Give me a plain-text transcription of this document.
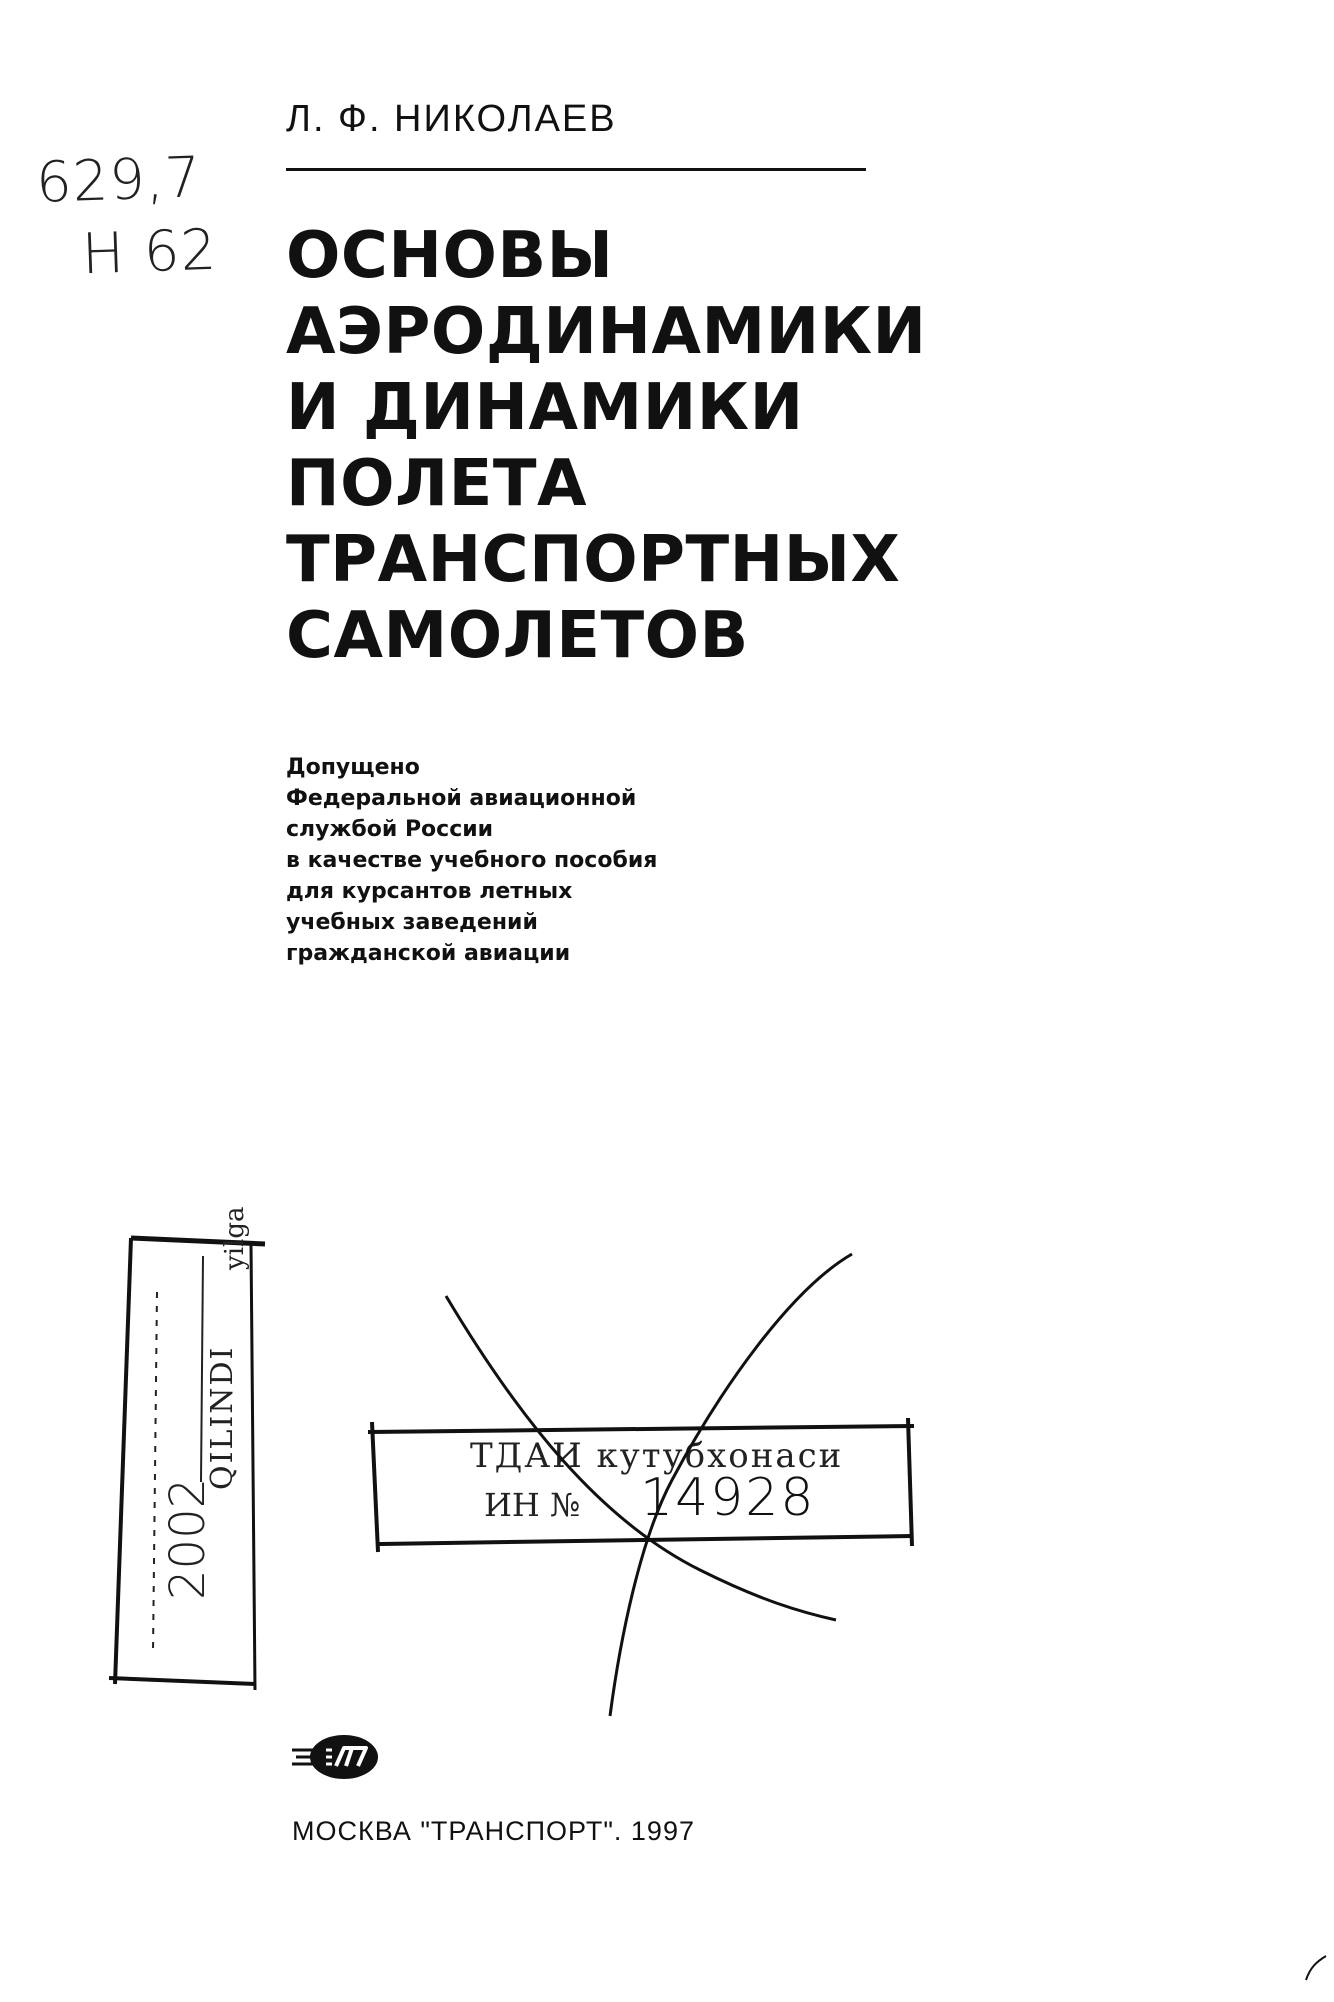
629,7
Н 62
Л. Ф. НИКОЛАЕВ
ОСНОВЫ
АЭРОДИНАМИКИ
И ДИНАМИКИ
ПОЛЕТА
ТРАНСПОРТНЫХ
САМОЛЕТОВ
Допущено
Федеральной авиационной
службой России
в качестве учебного пособия
для курсантов летных
учебных заведений
гражданской авиации
yilga
QILINDI
2002
ТДАИ кутубхонаси
ИН № 14928
МОСКВА "ТРАНСПОРТ". 1997
